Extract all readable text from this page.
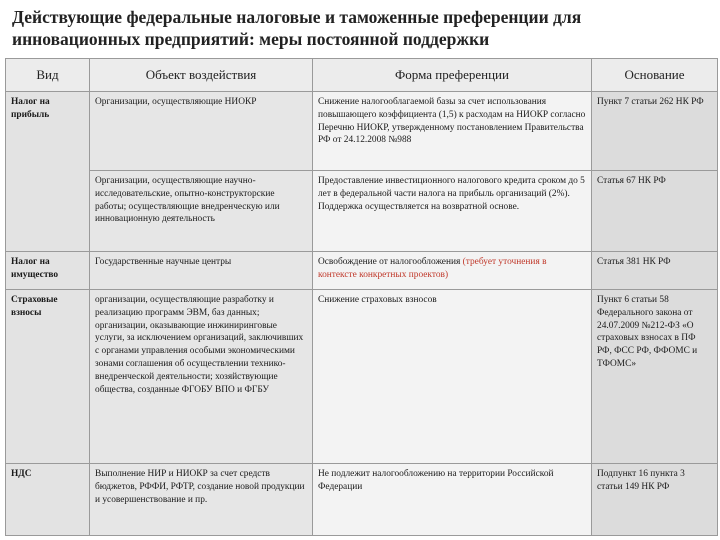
Действующие федеральные налоговые и таможенные преференции для
инновационных предприятий: меры постоянной поддержки
Вид	Объект воздействия	Форма преференции	Основание
Налог на прибыль	Организации, осуществляющие НИОКР	Снижение налогооблагаемой базы за счет использования повышающего коэффициента (1,5) к расходам на НИОКР согласно Перечню НИОКР, утвержденному постановлением Правительства РФ от 24.12.2008 №988	Пункт 7 статьи 262 НК РФ
	Организации, осуществляющие научно-исследовательские, опытно-конструкторские работы; осуществляющие внедренческую или инновационную деятельность	Предоставление инвестиционного налогового кредита сроком до 5 лет в федеральной части налога на прибыль организаций (2%). Поддержка осуществляется на возвратной основе.	Статья 67 НК РФ
Налог на имущество	Государственные научные центры	Освобождение от налогообложения (требует уточнения в контексте конкретных проектов)	Статья 381 НК РФ
Страховые взносы	организации, осуществляющие разработку и реализацию программ ЭВМ, баз данных; организации, оказывающие инжиниринговые услуги, за исключением организаций, заключивших с органами управления особыми экономическими зонами соглашения об осуществлении технико-внедренческой деятельности; хозяйствующие общества, созданные ФГОБУ ВПО и ФГБУ	Снижение страховых взносов	Пункт 6 статьи 58 Федерального закона от 24.07.2009 №212-ФЗ «О страховых взносах в ПФ РФ, ФСС РФ, ФФОМС и ТФОМС»
НДС	Выполнение НИР и НИОКР за счет средств бюджетов, РФФИ, РФТР, создание новой продукции и усовершенствование и пр.	Не подлежит налогообложению на территории Российской Федерации	Подпункт 16 пункта 3 статьи 149 НК РФ
